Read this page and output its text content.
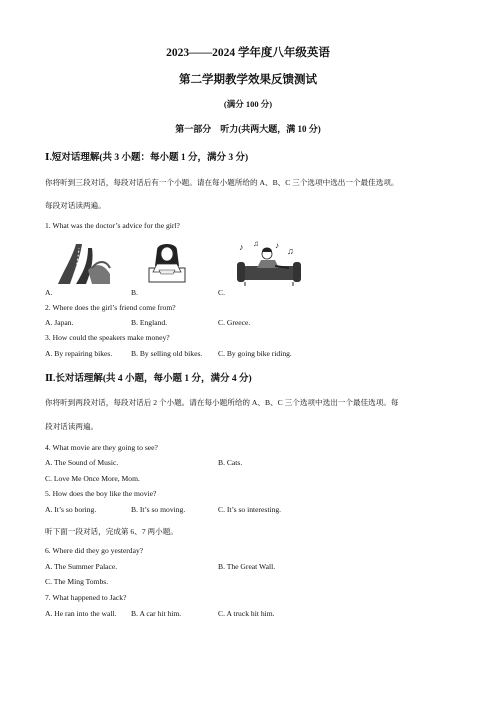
2023——2024 学年度八年级英语
第二学期教学效果反馈测试
(满分 100 分)
第一部分　听力(共两大题，满 10 分)
Ⅰ.短对话理解(共 3 小题：每小题 1 分，满分 3 分)
你将听到三段对话，每段对话后有一个小题。请在每小题所给的 A、B、C 三个选项中选出一个最佳选项。
每段对话读两遍。
1. What was the doctor’s advice for the girl?
♪ ♫ ♪
♫
A.	B.	C.
2. Where does the girl’s friend come from?
A. Japan.	B. England.	C. Greece.
3. How could the speakers make money?
A. By repairing bikes. B. By selling old bikes. C. By going bike riding.
Ⅱ.长对话理解(共 4 小题，每小题 1 分，满分 4 分)
你将听到两段对话，每段对话后 2 个小题。请在每小题所给的 A、B、C 三个选项中选出一个最佳选项。每
段对话读两遍。
4. What movie are they going to see?
A. The Sound of Music.	B. Cats.
C. Love Me Once More, Mom.
5. How does the boy like the movie?
A. It’s so boring.	B. It’s so moving.	C. It’s so interesting.
听下面一段对话，完成第 6、7 两小题。
6. Where did they go yesterday?
A. The Summer Palace.	B. The Great Wall.
C. The Ming Tombs.
7. What happened to Jack?
A. He ran into the wall. B. A car hit him.	C. A truck hit him.
